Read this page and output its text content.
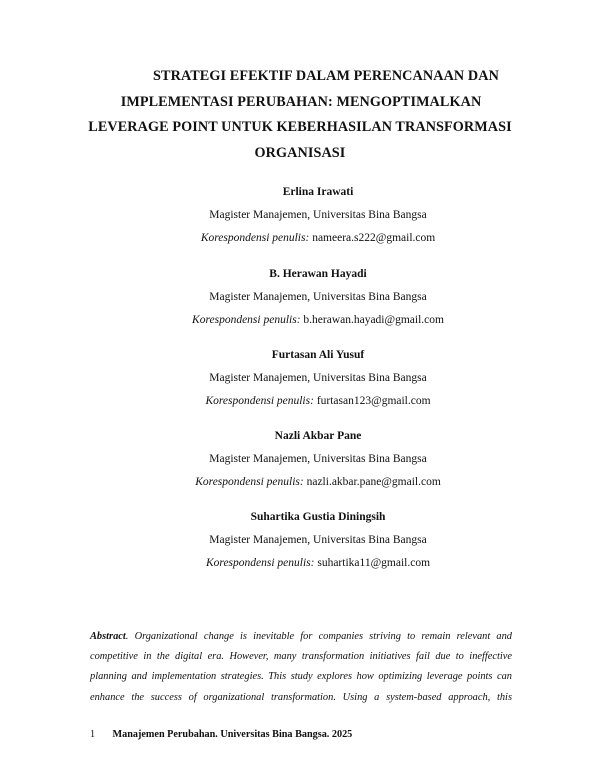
STRATEGI EFEKTIF DALAM PERENCANAAN DAN
IMPLEMENTASI PERUBAHAN: MENGOPTIMALKAN
LEVERAGE POINT UNTUK KEBERHASILAN TRANSFORMASI
ORGANISASI
Erlina Irawati
Magister Manajemen, Universitas Bina Bangsa
Korespondensi penulis: nameera.s222@gmail.com
B. Herawan Hayadi
Magister Manajemen, Universitas Bina Bangsa
Korespondensi penulis: b.herawan.hayadi@gmail.com
Furtasan Ali Yusuf
Magister Manajemen, Universitas Bina Bangsa
Korespondensi penulis: furtasan123@gmail.com
Nazli Akbar Pane
Magister Manajemen, Universitas Bina Bangsa
Korespondensi penulis: nazli.akbar.pane@gmail.com
Suhartika Gustia Diningsih
Magister Manajemen, Universitas Bina Bangsa
Korespondensi penulis: suhartika11@gmail.com
Abstract. Organizational change is inevitable for companies striving to remain relevant and
competitive in the digital era. However, many transformation initiatives fail due to ineffective
planning and implementation strategies. This study explores how optimizing leverage points can
enhance the success of organizational transformation. Using a system-based approach, this
1 Manajemen Perubahan. Universitas Bina Bangsa. 2025
